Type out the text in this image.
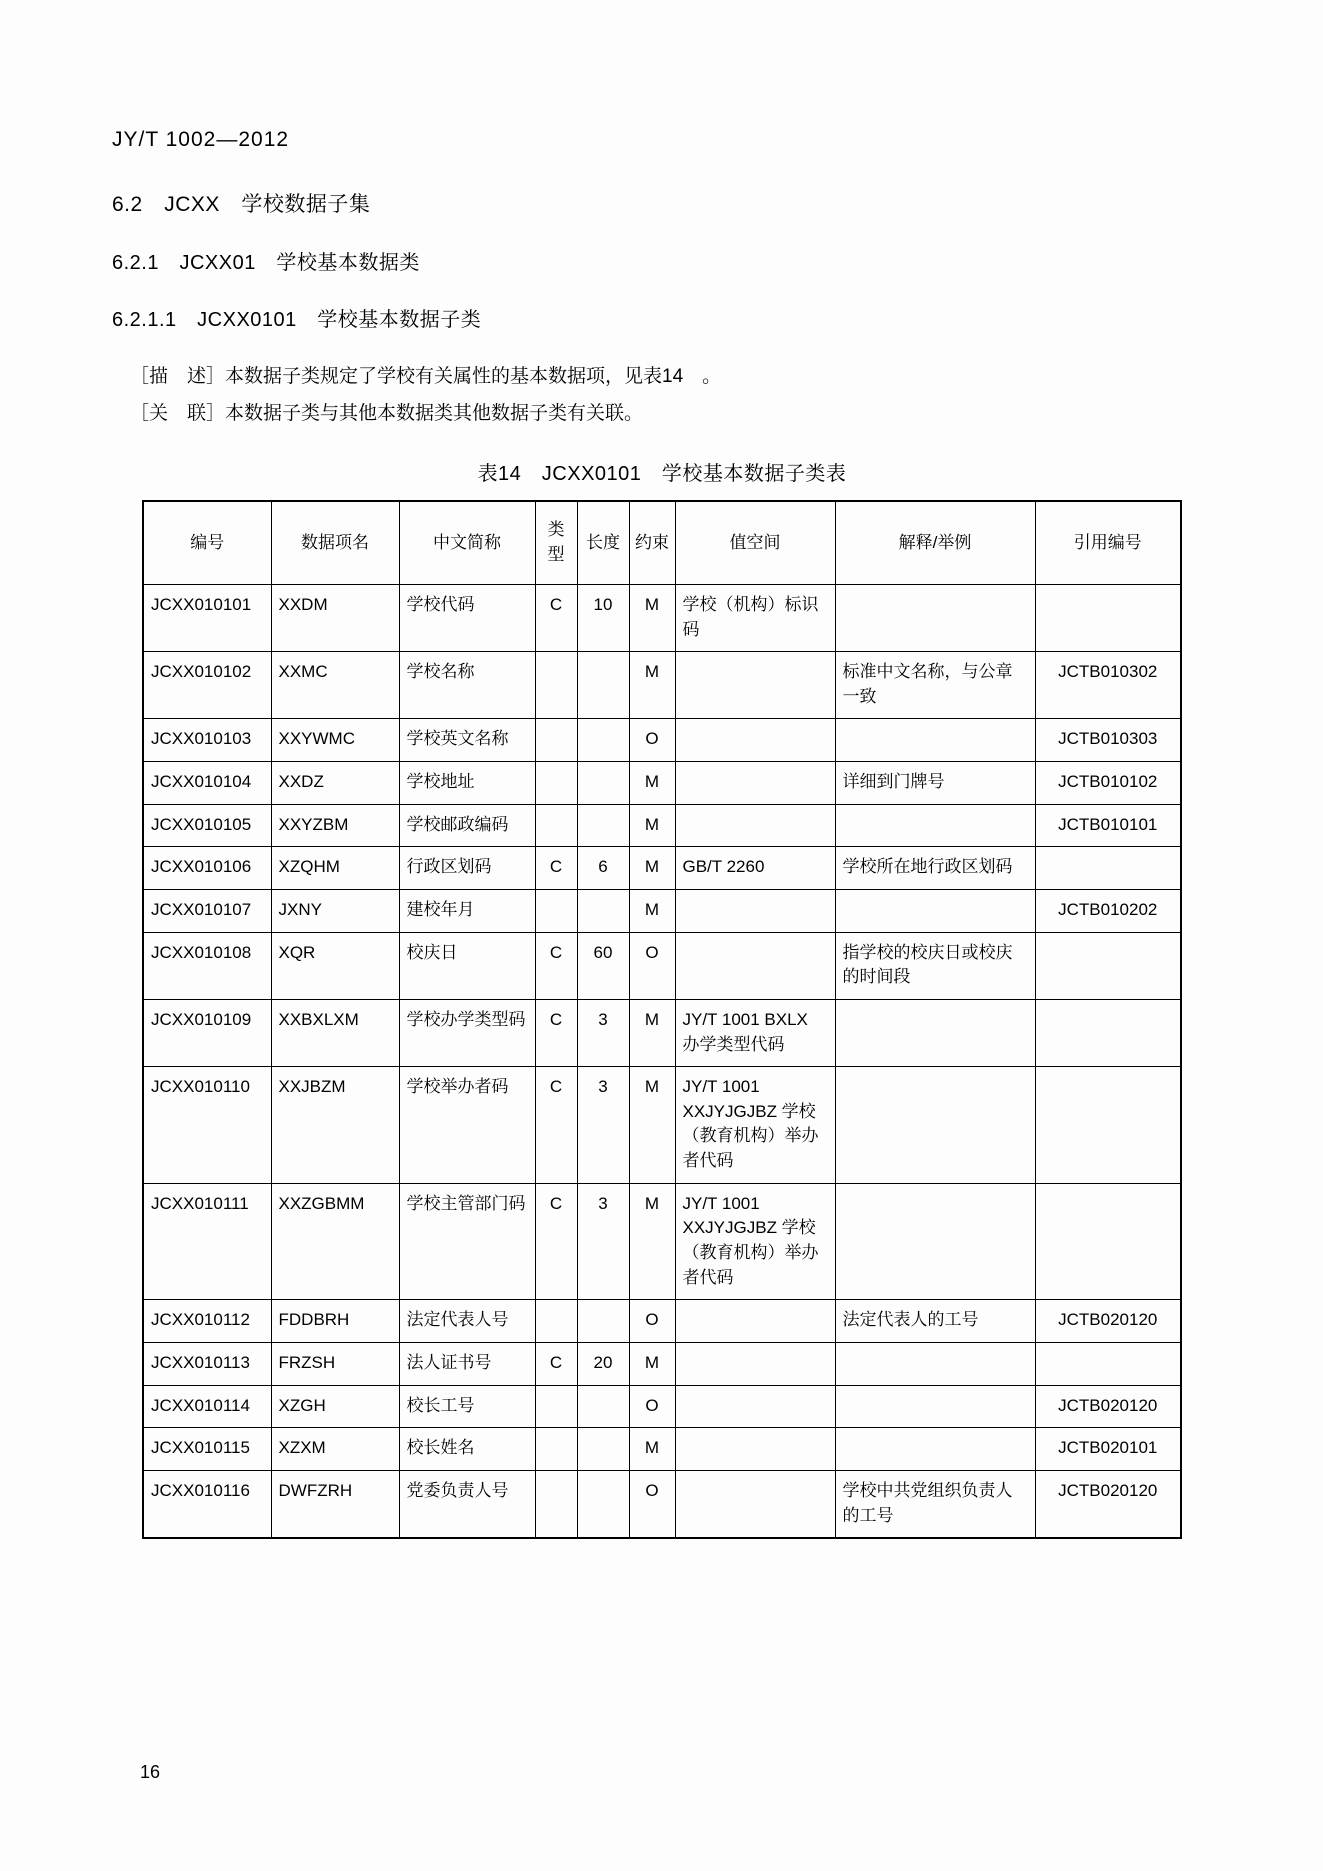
JY/T 1002—2012
6.2 JCXX 学校数据子集
6.2.1 JCXX01 学校基本数据类
6.2.1.1 JCXX0101 学校基本数据子类

［描　述］本数据子类规定了学校有关属性的基本数据项，见表14　。

［关　联］本数据子类与其他本数据类其他数据子类有关联。

表14　JCXX0101　学校基本数据子类表
编号	数据项名	中文简称	类型	长度	约束	值空间	解释/举例	引用编号
JCXX010101	XXDM	学校代码	C	10	M	学校（机构）标识码		
JCXX010102	XXMC	学校名称			M		标准中文名称，与公章一致	JCTB010302
JCXX010103	XXYWMC	学校英文名称			O			JCTB010303
JCXX010104	XXDZ	学校地址			M		详细到门牌号	JCTB010102
JCXX010105	XXYZBM	学校邮政编码			M			JCTB010101
JCXX010106	XZQHM	行政区划码	C	6	M	GB/T 2260	学校所在地行政区划码	
JCXX010107	JXNY	建校年月			M			JCTB010202
JCXX010108	XQR	校庆日	C	60	O		指学校的校庆日或校庆的时间段	
JCXX010109	XXBXLXM	学校办学类型码	C	3	M	JY/T 1001 BXLX 办学类型代码		
JCXX010110	XXJBZM	学校举办者码	C	3	M	JY/T 1001 XXJYJGJBZ 学校（教育机构）举办者代码		
JCXX010111	XXZGBMM	学校主管部门码	C	3	M	JY/T 1001 XXJYJGJBZ 学校（教育机构）举办者代码		
JCXX010112	FDDBRH	法定代表人号			O		法定代表人的工号	JCTB020120
JCXX010113	FRZSH	法人证书号	C	20	M			
JCXX010114	XZGH	校长工号			O			JCTB020120
JCXX010115	XZXM	校长姓名			M			JCTB020101
JCXX010116	DWFZRH	党委负责人号			O		学校中共党组织负责人的工号	JCTB020120
16
